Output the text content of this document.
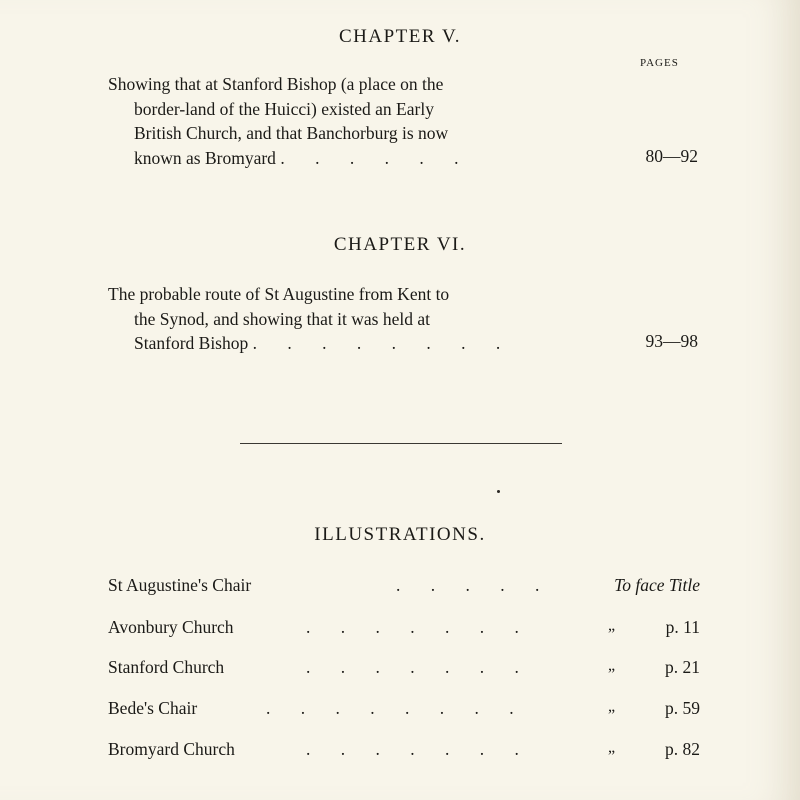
CHAPTER V.
PAGES
Showing that at Stanford Bishop (a place on the
border-land of the Huicci) existed an Early
British Church, and that Banchorburg is now
known as Bromyard . . . . . .	80—92
CHAPTER VI.
The probable route of St Augustine from Kent to
the Synod, and showing that it was held at
Stanford Bishop . . . . . . . .	93—98
ILLUSTRATIONS.
St Augustine's Chair	. . . . .	To face Title
Avonbury Church	. . . . . . .	„	p. 11
Stanford Church	. . . . . . .	„	p. 21
Bede's Chair	. . . . . . . .	„	p. 59
Bromyard Church	. . . . . . .	„	p. 82
